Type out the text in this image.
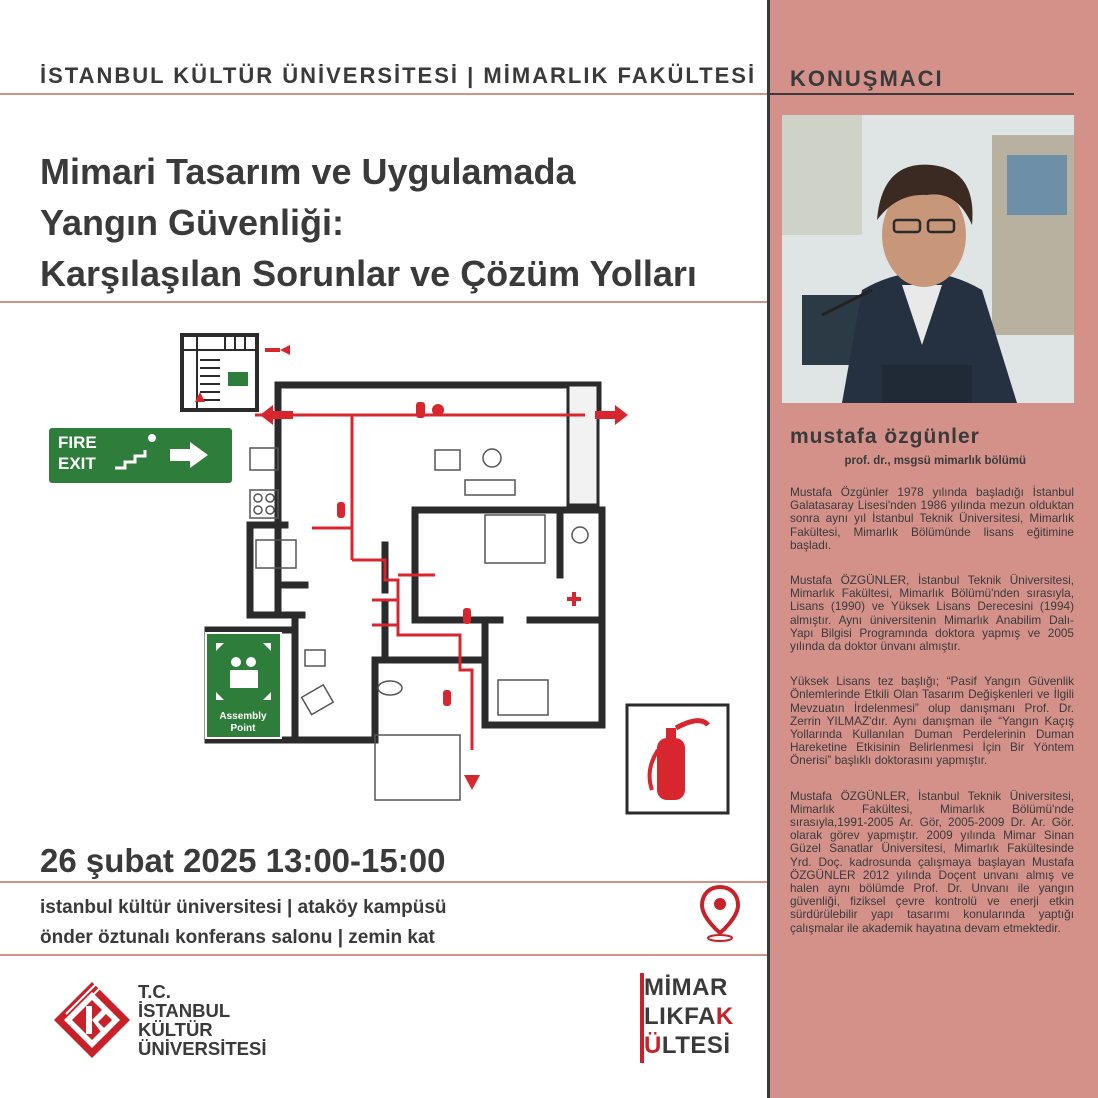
İSTANBUL KÜLTÜR ÜNİVERSİTESİ | MİMARLIK FAKÜLTESİ KONUŞMACI
Mimari Tasarım ve Uygulamada
Yangın Güvenliği:
Karşılaşılan Sorunlar ve Çözüm Yolları
FIRE
EXIT
Assembly
Point
mustafa özgünler
prof. dr., msgsü mimarlık bölümü

Mustafa Özgünler 1978 yılında başladığı İstanbul Galatasaray Lisesi'nden 1986 yılında mezun olduktan sonra aynı yıl İstanbul Teknik Üniversitesi, Mimarlık Fakültesi, Mimarlık Bölümünde lisans eğitimine başladı.

Mustafa ÖZGÜNLER, İstanbul Teknik Üniversitesi, Mimarlık Fakültesi, Mimarlık Bölümü'nden sırasıyla, Lisans (1990) ve Yüksek Lisans Derecesini (1994) almıştır. Aynı üniversitenin Mimarlık Anabilim Dalı-Yapı Bilgisi Programında doktora yapmış ve 2005 yılında da doktor ünvanı almıştır.

Yüksek Lisans tez başlığı; “Pasif Yangın Güvenlik Önlemlerinde Etkili Olan Tasarım Değişkenleri ve İlgili Mevzuatın İrdelenmesi” olup danışmanı Prof. Dr. Zerrin YILMAZ'dır. Aynı danışman ile “Yangın Kaçış Yollarında Kullanılan Duman Perdelerinin Duman Hareketine Etkisinin Belirlenmesi İçin Bir Yöntem Önerisi” başlıklı doktorasını yapmıştır.

Mustafa ÖZGÜNLER, İstanbul Teknik Üniversitesi, Mimarlık Fakültesi, Mimarlık Bölümü'nde sırasıyla,1991-2005 Ar. Gör, 2005-2009 Dr. Ar. Gör. olarak görev yapmıştır. 2009 yılında Mimar Sinan Güzel Sanatlar Üniversitesi, Mimarlık Fakültesinde Yrd. Doç. kadrosunda çalışmaya başlayan Mustafa ÖZGÜNLER 2012 yılında Doçent unvanı almış ve halen aynı bölümde Prof. Dr. Unvanı ile yangın güvenliği, fiziksel çevre kontrolü ve enerji etkin sürdürülebilir yapı tasarımı konularında yaptığı çalışmalar ile akademik hayatına devam etmektedir.

26 şubat 2025 13:00-15:00
istanbul kültür üniversitesi | ataköy kampüsü
önder öztunalı konferans salonu | zemin kat
T.C.
İSTANBUL
KÜLTÜR
ÜNİVERSİTESİ
MİMAR
LIKFAK
ÜLTESİ
